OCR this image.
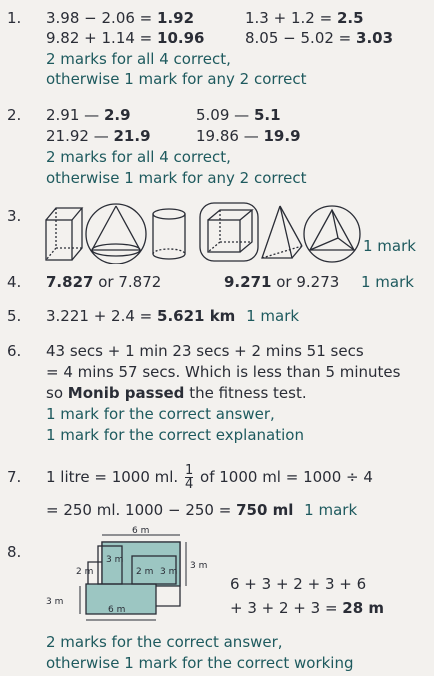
1. 3.98 − 2.06 = 1.92	1.3 + 1.2 = 2.5
9.82 + 1.14 = 10.96	8.05 − 5.02 = 3.03
2 marks for all 4 correct,
otherwise 1 mark for any 2 correct
2. 2.91 — 2.9	5.09 — 5.1
21.92 — 21.9	19.86 — 19.9
2 marks for all 4 correct,
otherwise 1 mark for any 2 correct
3.
1 mark
4. 7.827 or 7.872	9.271 or 9.273 1 mark
5. 3.221 + 2.4 = 5.621 km 1 mark
6. 43 secs + 1 min 23 secs + 2 mins 51 secs
= 4 mins 57 secs. Which is less than 5 minutes
so Monib passed the fitness test.
1 mark for the correct answer,
1 mark for the correct explanation
7. 1 litre = 1000 ml. $\frac{1}{4}$ of 1000 ml = 1000 ÷ 4
= 250 ml. 1000 − 250 = 750 ml 1 mark
8.
6 m
3 m
2 m
3 m
3 m
2 m
3 m
6 m
6 + 3 + 2 + 3 + 6
+ 3 + 2 + 3 = 28 m
2 marks for the correct answer,
otherwise 1 mark for the correct working
